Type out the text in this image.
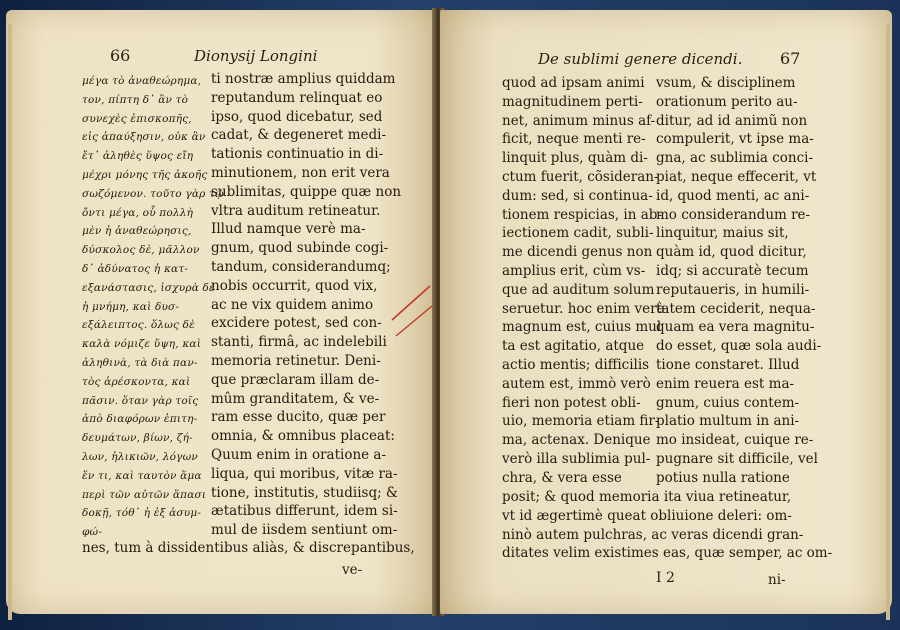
66	Dionysij Longini
μέγα τὸ ἀναθεώρημα,
τον, πίπτη δ᾽ ἂν τὸ
συνεχὲς ἐπισκοπῆς,
εἰς ἀπαύξησιν, οὐκ ἂν
ἔτ᾽ ἀληθὲς ὕψος εἴη
μέχρι μόνης τῆς ἀκοῆς
σωζόμενον. τοῦτο γὰρ τῷ
ὄντι μέγα, οὗ πολλὴ
μὲν ἡ ἀναθεώρησις,
δύσκολος δὲ, μᾶλλον
δ᾽ ἀδύνατος ἡ κατ-
εξανάστασις, ἰσχυρὰ δὲ
ἡ μνήμη, καὶ δυσ-
εξάλειπτος. ὅλως δὲ
καλὰ νόμιζε ὕψη, καὶ
ἀληθινὰ, τὰ διὰ παν-
τὸς ἀρέσκοντα, καὶ
πᾶσιν. ὅταν γὰρ τοῖς
ἀπὸ διαφόρων ἐπιτη-
δευμάτων, βίων, ζή-
λων, ἡλικιῶν, λόγων
ἕν τι, καὶ ταυτὸν ἅμα
περὶ τῶν αὐτῶν ἅπασι
δοκῇ, τόθ᾽ ἡ ἐξ ἀσυμ-
φώ-
ti nostræ amplius quiddam
reputandum relinquat eo
ipso, quod dicebatur, sed
cadat, & degeneret medi-
tationis continuatio in di-
minutionem, non erit vera
sublimitas, quippe quæ non
vltra auditum retineatur.
Illud namque verè ma-
gnum, quod subinde cogi-
tandum, considerandumq;
nobis occurrit, quod vix,
ac ne vix quidem animo
excidere potest, sed con-
stanti, firmâ, ac indelebili
memoria retinetur. Deni-
que præclaram illam de-
mûm granditatem, & ve-
ram esse ducito, quæ per
omnia, & omnibus placeat:
Quum enim in oratione a-
liqua, qui moribus, vitæ ra-
tione, institutis, studiisq; &
ætatibus differunt, idem si-
mul de iisdem sentiunt om-
nes, tum à dissidentibus aliàs, & discrepantibus,
ve-
De sublimi genere dicendi. 67
quod ad ipsam animi
magnitudinem perti-
net, animum minus af-
ficit, neque menti re-
linquit plus, quàm di-
ctum fuerit, cõsideran-
dum: sed, si continua-
tionem respicias, in ab-
iectionem cadit, subli-
me dicendi genus non
amplius erit, cùm vs-
que ad auditum solum
seruetur. hoc enim verè
magnum est, cuius mul
ta est agitatio, atque
actio mentis; difficilis
autem est, immò verò
fieri non potest obli-
uio, memoria etiam fir-
ma, actenax. Denique
verò illa sublimia pul-
chra, & vera esse
vsum, & disciplinem
orationum perito au-
ditur, ad id animũ non
compulerit, vt ipse ma-
gna, ac sublimia conci-
piat, neque effecerit, vt
id, quod menti, ac ani-
mo considerandum re-
linquitur, maius sit,
quàm id, quod dicitur,
idq; si accuratè tecum
reputaueris, in humili-
tatem ceciderit, nequa-
quam ea vera magnitu-
do esset, quæ sola audi-
tione constaret. Illud
enim reuera est ma-
gnum, cuius contem-
platio multum in ani-
mo insideat, cuique re-
pugnare sit difficile, vel
potius nulla ratione
posit; & quod memoria ita viua retineatur,
vt id ægertimè queat obliuione deleri: om-
ninò autem pulchras, ac veras dicendi gran-
ditates velim existimes eas, quæ semper, ac om-
I 2	ni-
